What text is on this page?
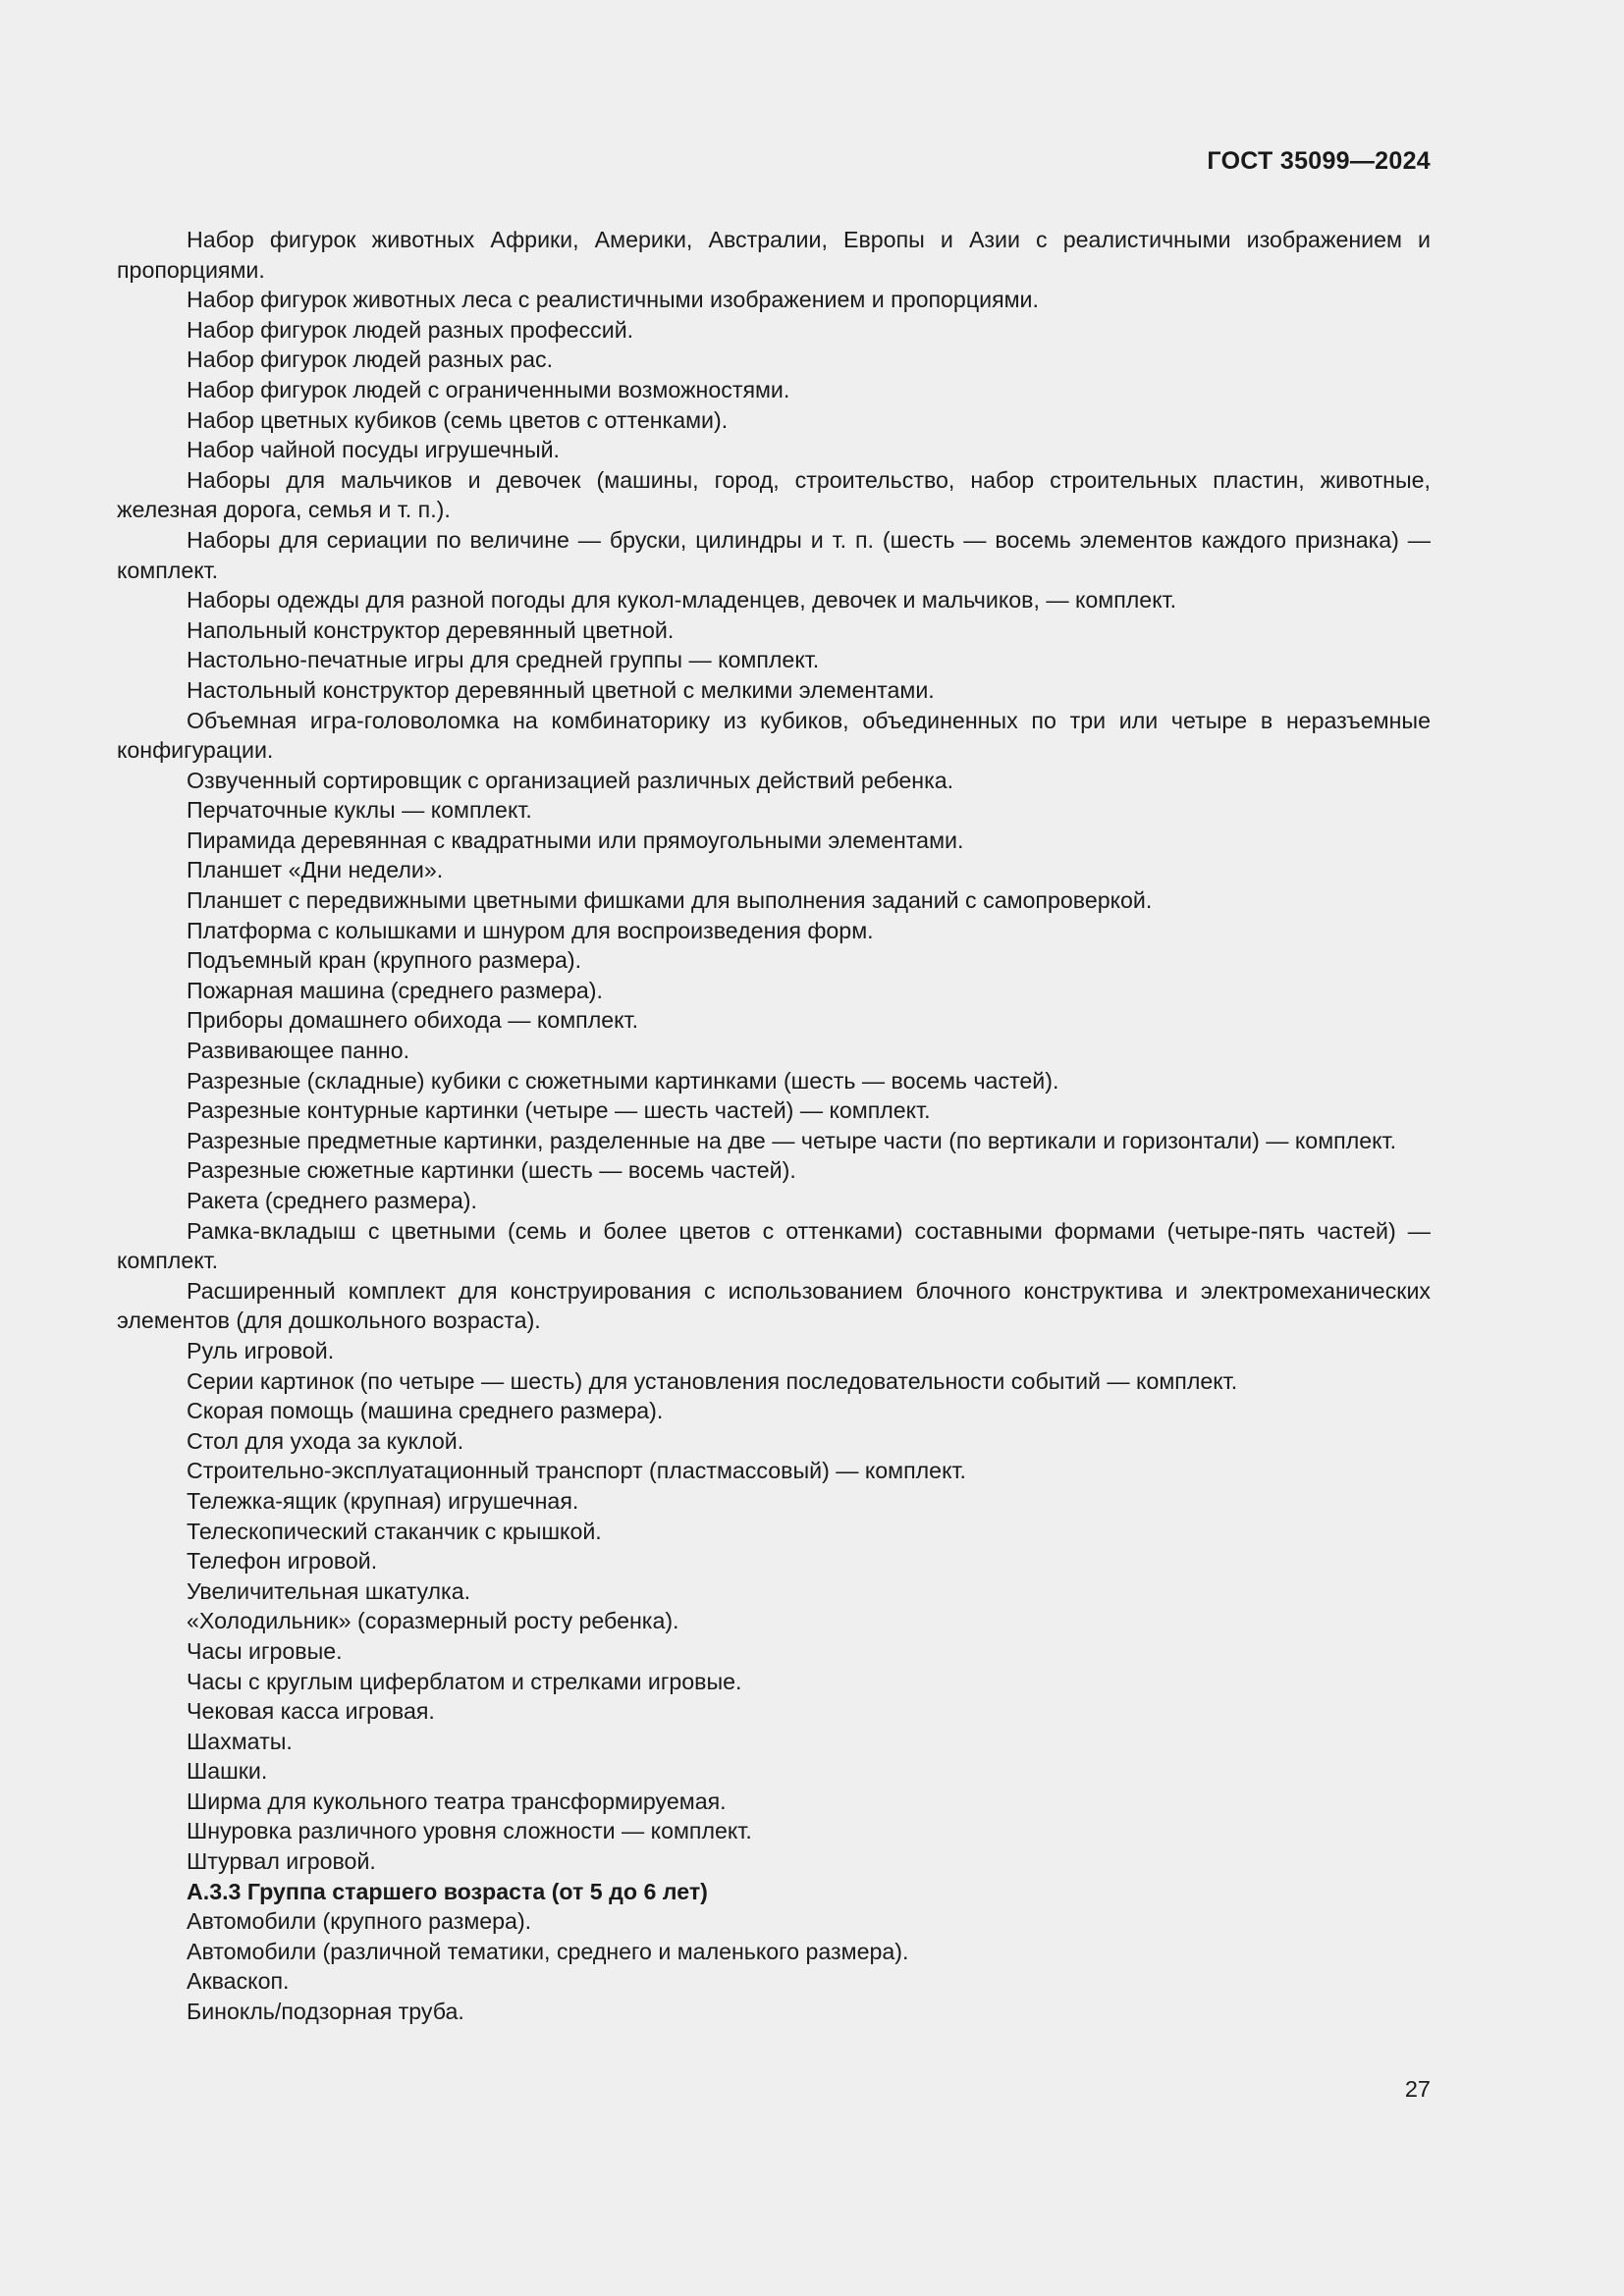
ГОСТ 35099—2024

Набор фигурок животных Африки, Америки, Австралии, Европы и Азии с реалистичными изображением и пропорциями.

Набор фигурок животных леса с реалистичными изображением и пропорциями.

Набор фигурок людей разных профессий.

Набор фигурок людей разных рас.

Набор фигурок людей с ограниченными возможностями.

Набор цветных кубиков (семь цветов с оттенками).

Набор чайной посуды игрушечный.

Наборы для мальчиков и девочек (машины, город, строительство, набор строительных пластин, животные, железная дорога, семья и т. п.).

Наборы для сериации по величине — бруски, цилиндры и т. п. (шесть — восемь элементов каждого признака) — комплект.

Наборы одежды для разной погоды для кукол-младенцев, девочек и мальчиков, — комплект.

Напольный конструктор деревянный цветной.

Настольно-печатные игры для средней группы — комплект.

Настольный конструктор деревянный цветной с мелкими элементами.

Объемная игра-головоломка на комбинаторику из кубиков, объединенных по три или четыре в неразъемные конфигурации.

Озвученный сортировщик с организацией различных действий ребенка.

Перчаточные куклы — комплект.

Пирамида деревянная с квадратными или прямоугольными элементами.

Планшет «Дни недели».

Планшет с передвижными цветными фишками для выполнения заданий с самопроверкой.

Платформа с колышками и шнуром для воспроизведения форм.

Подъемный кран (крупного размера).

Пожарная машина (среднего размера).

Приборы домашнего обихода — комплект.

Развивающее панно.

Разрезные (складные) кубики с сюжетными картинками (шесть — восемь частей).

Разрезные контурные картинки (четыре — шесть частей) — комплект.

Разрезные предметные картинки, разделенные на две — четыре части (по вертикали и горизонтали) — комплект.

Разрезные сюжетные картинки (шесть — восемь частей).

Ракета (среднего размера).

Рамка-вкладыш с цветными (семь и более цветов с оттенками) составными формами (четыре-пять частей) — комплект.

Расширенный комплект для конструирования с использованием блочного конструктива и электромеханических элементов (для дошкольного возраста).

Руль игровой.

Серии картинок (по четыре — шесть) для установления последовательности событий — комплект.

Скорая помощь (машина среднего размера).

Стол для ухода за куклой.

Строительно-эксплуатационный транспорт (пластмассовый) — комплект.

Тележка-ящик (крупная) игрушечная.

Телескопический стаканчик с крышкой.

Телефон игровой.

Увеличительная шкатулка.

«Холодильник» (соразмерный росту ребенка).

Часы игровые.

Часы с круглым циферблатом и стрелками игровые.

Чековая касса игровая.

Шахматы.

Шашки.

Ширма для кукольного театра трансформируемая.

Шнуровка различного уровня сложности — комплект.

Штурвал игровой.

А.3.3 Группа старшего возраста (от 5 до 6 лет)

Автомобили (крупного размера).

Автомобили (различной тематики, среднего и маленького размера).

Акваскоп.

Бинокль/подзорная труба.

27
